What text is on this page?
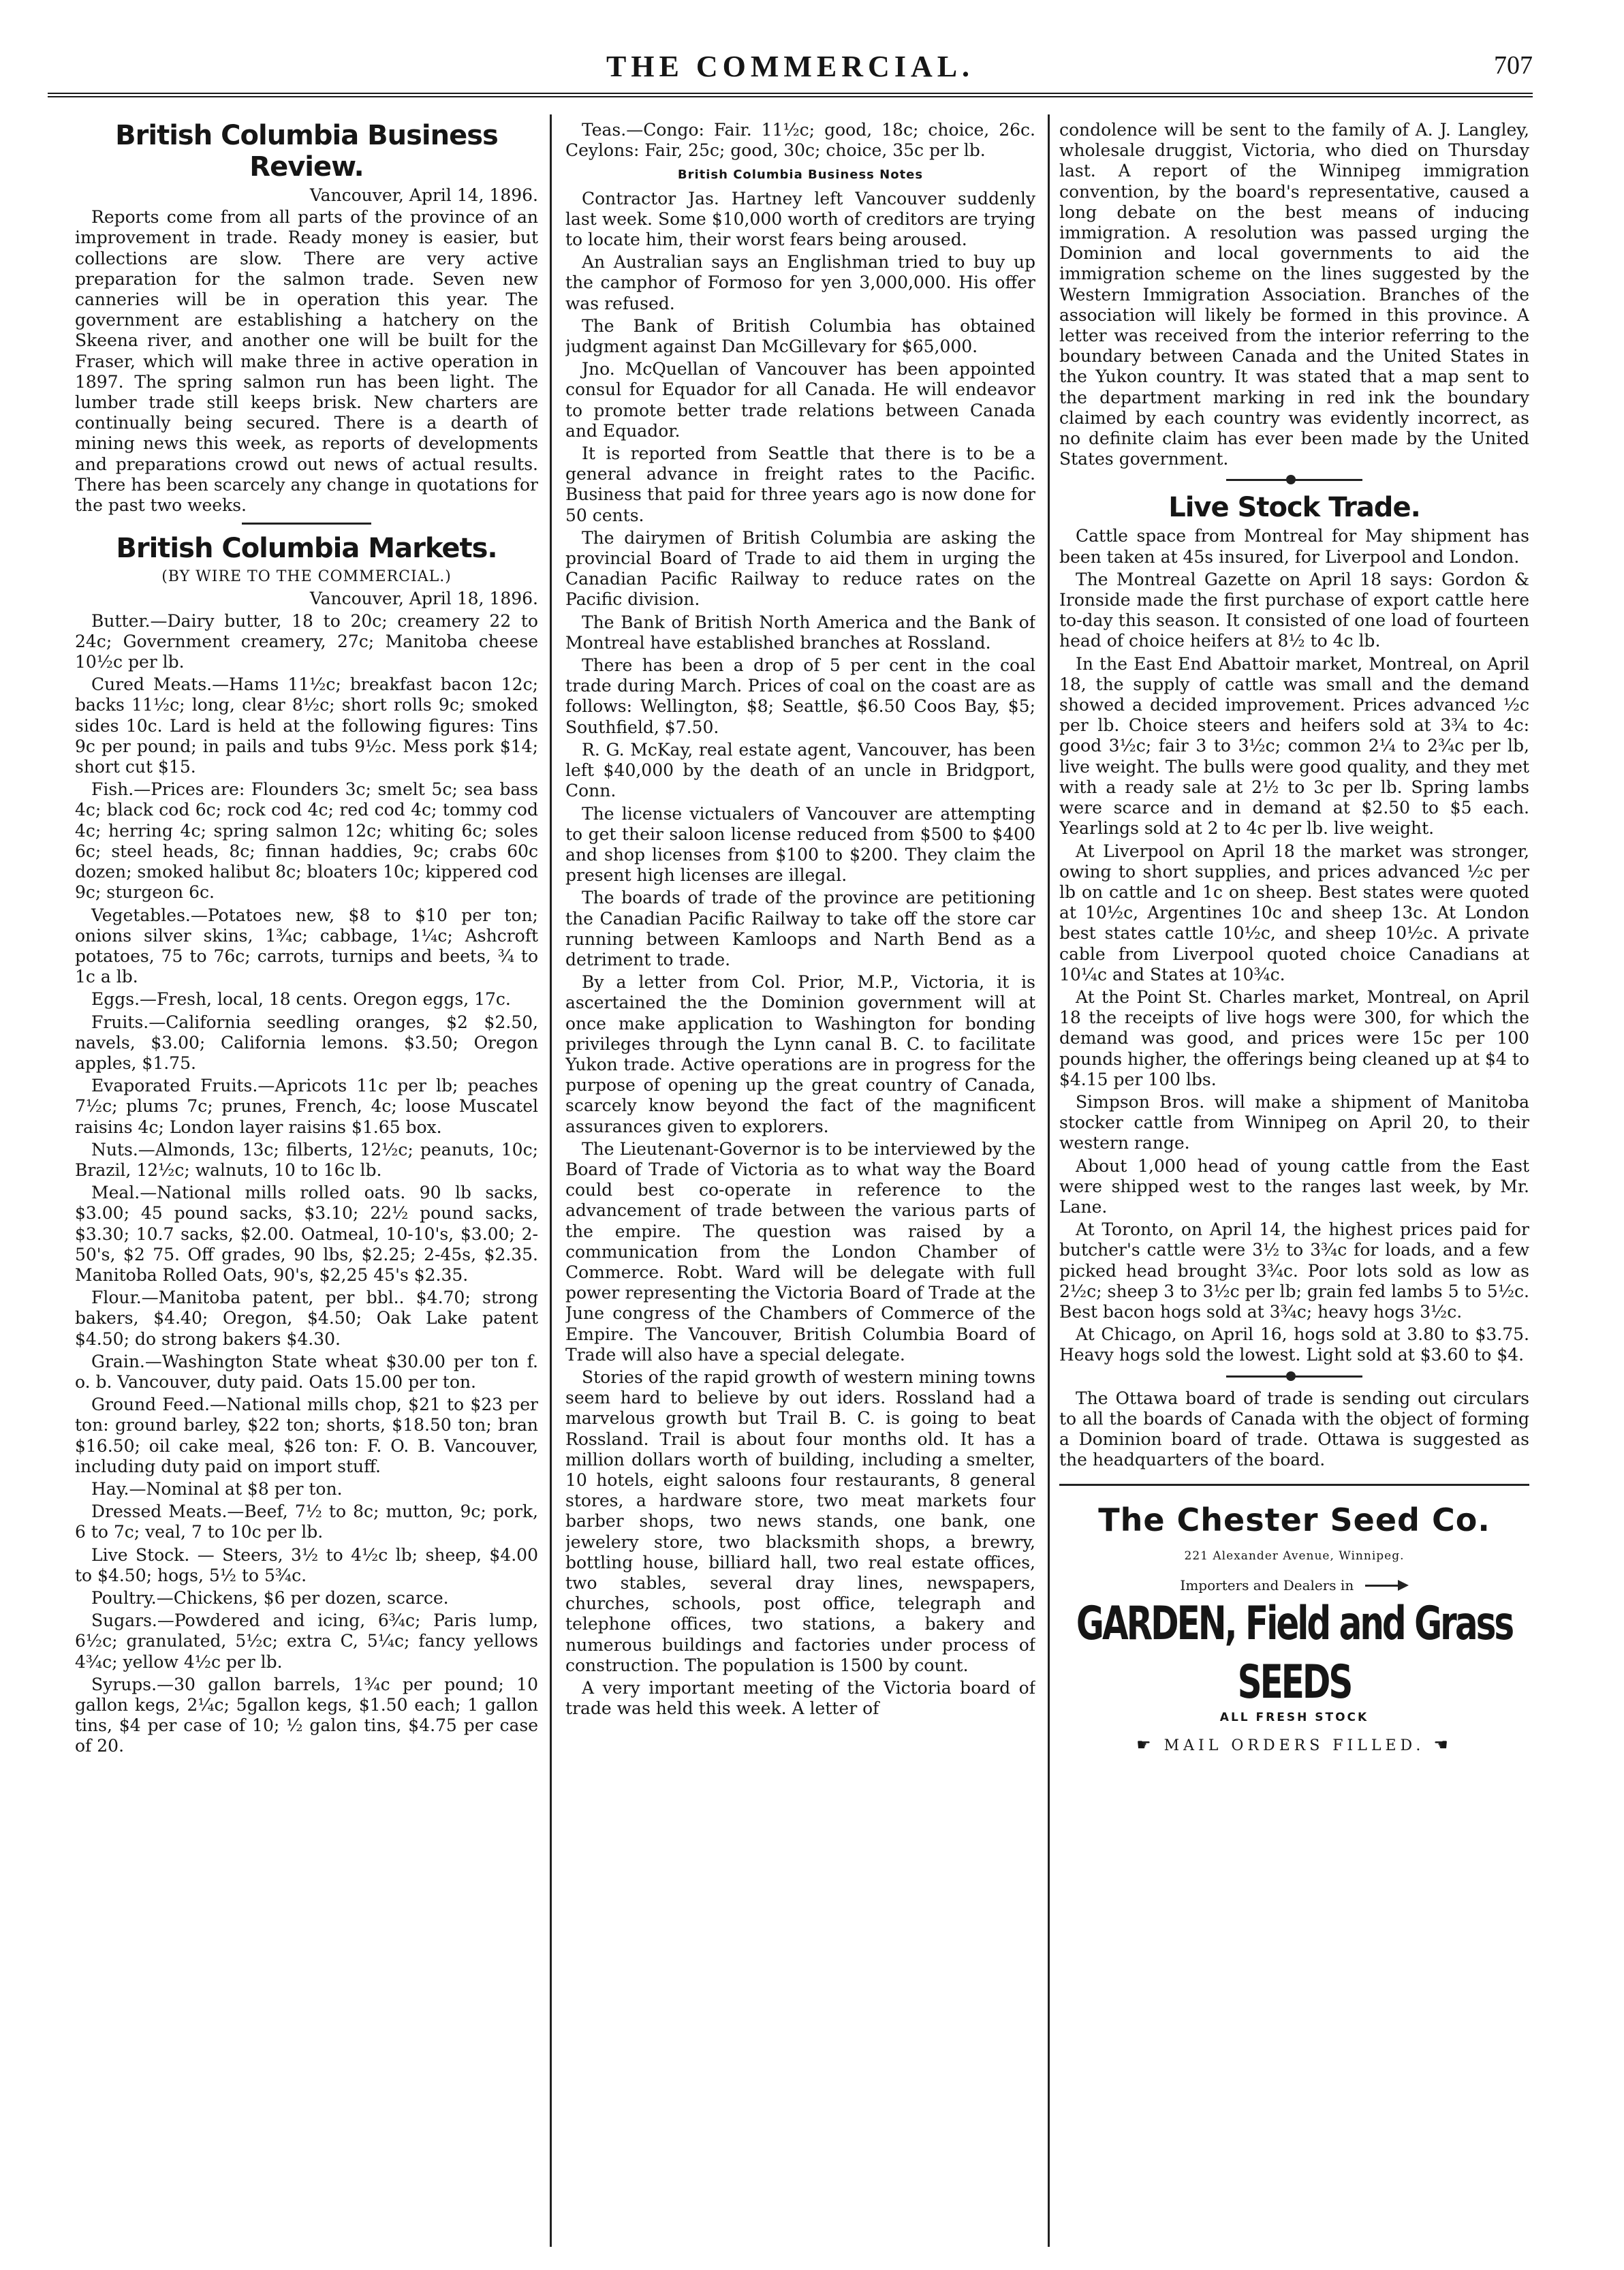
THE COMMERCIAL.	707
British Columbia Business Review.
Vancouver, April 14, 1896.

Reports come from all parts of the province of an improvement in trade. Ready money is easier, but collections are slow. There are very active preparation for the salmon trade. Seven new canneries will be in operation this year. The government are establishing a hatchery on the Skeena river, and another one will be built for the Fraser, which will make three in active operation in 1897. The spring salmon run has been light. The lumber trade still keeps brisk. New charters are continually being secured. There is a dearth of mining news this week, as reports of developments and preparations crowd out news of actual results. There has been scarcely any change in quotations for the past two weeks.

British Columbia Markets.
(BY WIRE TO THE COMMERCIAL.)
Vancouver, April 18, 1896.

Butter.—Dairy butter, 18 to 20c; creamery 22 to 24c; Government creamery, 27c; Manitoba cheese 10½c per lb.

Cured Meats.—Hams 11½c; breakfast bacon 12c; backs 11½c; long, clear 8½c; short rolls 9c; smoked sides 10c. Lard is held at the following figures: Tins 9c per pound; in pails and tubs 9½c. Mess pork $14; short cut $15.

Fish.—Prices are: Flounders 3c; smelt 5c; sea bass 4c; black cod 6c; rock cod 4c; red cod 4c; tommy cod 4c; herring 4c; spring salmon 12c; whiting 6c; soles 6c; steel heads, 8c; finnan haddies, 9c; crabs 60c dozen; smoked halibut 8c; bloaters 10c; kippered cod 9c; sturgeon 6c.

Vegetables.—Potatoes new, $8 to $10 per ton; onions silver skins, 1¾c; cabbage, 1¼c; Ashcroft potatoes, 75 to 76c; carrots, turnips and beets, ¾ to 1c a lb.

Eggs.—Fresh, local, 18 cents. Oregon eggs, 17c.

Fruits.—California seedling oranges, $2 $2.50, navels, $3.00; California lemons. $3.50; Oregon apples, $1.75.

Evaporated Fruits.—Apricots 11c per lb; peaches 7½c; plums 7c; prunes, French, 4c; loose Muscatel raisins 4c; London layer raisins $1.65 box.

Nuts.—Almonds, 13c; filberts, 12½c; peanuts, 10c; Brazil, 12½c; walnuts, 10 to 16c lb.

Meal.—National mills rolled oats. 90 lb sacks, $3.00; 45 pound sacks, $3.10; 22½ pound sacks, $3.30; 10.7 sacks, $2.00. Oatmeal, 10-10's, $3.00; 2-50's, $2 75. Off grades, 90 lbs, $2.25; 2-45s, $2.35. Manitoba Rolled Oats, 90's, $2,25 45's $2.35.

Flour.—Manitoba patent, per bbl.. $4.70; strong bakers, $4.40; Oregon, $4.50; Oak Lake patent $4.50; do strong bakers $4.30.

Grain.—Washington State wheat $30.00 per ton f. o. b. Vancouver, duty paid. Oats 15.00 per ton.

Ground Feed.—National mills chop, $21 to $23 per ton: ground barley, $22 ton; shorts, $18.50 ton; bran $16.50; oil cake meal, $26 ton: F. O. B. Vancouver, including duty paid on import stuff.

Hay.—Nominal at $8 per ton.

Dressed Meats.—Beef, 7½ to 8c; mutton, 9c; pork, 6 to 7c; veal, 7 to 10c per lb.

Live Stock. — Steers, 3½ to 4½c lb; sheep, $4.00 to $4.50; hogs, 5½ to 5¾c.

Poultry.—Chickens, $6 per dozen, scarce.

Sugars.—Powdered and icing, 6¾c; Paris lump, 6½c; granulated, 5½c; extra C, 5¼c; fancy yellows 4¾c; yellow 4½c per lb.

Syrups.—30 gallon barrels, 1¾c per pound; 10 gallon kegs, 2¼c; 5gallon kegs, $1.50 each; 1 gallon tins, $4 per case of 10; ½ galon tins, $4.75 per case of 20.

Teas.—Congo: Fair. 11½c; good, 18c; choice, 26c. Ceylons: Fair, 25c; good, 30c; choice, 35c per lb.

British Columbia Business Notes

Contractor Jas. Hartney left Vancouver suddenly last week. Some $10,000 worth of creditors are trying to locate him, their worst fears being aroused.

An Australian says an Englishman tried to buy up the camphor of Formoso for yen 3,000,000. His offer was refused.

The Bank of British Columbia has obtained judgment against Dan McGillevary for $65,000.

Jno. McQuellan of Vancouver has been appointed consul for Equador for all Canada. He will endeavor to promote better trade relations between Canada and Equador.

It is reported from Seattle that there is to be a general advance in freight rates to the Pacific. Business that paid for three years ago is now done for 50 cents.

The dairymen of British Columbia are asking the provincial Board of Trade to aid them in urging the Canadian Pacific Railway to reduce rates on the Pacific division.

The Bank of British North America and the Bank of Montreal have established branches at Rossland.

There has been a drop of 5 per cent in the coal trade during March. Prices of coal on the coast are as follows: Wellington, $8; Seattle, $6.50 Coos Bay, $5; Southfield, $7.50.

R. G. McKay, real estate agent, Vancouver, has been left $40,000 by the death of an uncle in Bridgport, Conn.

The license victualers of Vancouver are attempting to get their saloon license reduced from $500 to $400 and shop licenses from $100 to $200. They claim the present high licenses are illegal.

The boards of trade of the province are petitioning the Canadian Pacific Railway to take off the store car running between Kamloops and Narth Bend as a detriment to trade.

By a letter from Col. Prior, M.P., Victoria, it is ascertained the the Dominion government will at once make application to Washington for bonding privileges through the Lynn canal B. C. to facilitate Yukon trade. Active operations are in progress for the purpose of opening up the great country of Canada, scarcely know beyond the fact of the magnificent assurances given to explorers.

The Lieutenant-Governor is to be interviewed by the Board of Trade of Victoria as to what way the Board could best co-operate in reference to the advancement of trade between the various parts of the empire. The question was raised by a communication from the London Chamber of Commerce. Robt. Ward will be delegate with full power representing the Victoria Board of Trade at the June congress of the Chambers of Commerce of the Empire. The Vancouver, British Columbia Board of Trade will also have a special delegate.

Stories of the rapid growth of western mining towns seem hard to believe by out iders. Rossland had a marvelous growth but Trail B. C. is going to beat Rossland. Trail is about four months old. It has a million dollars worth of building, including a smelter, 10 hotels, eight saloons four restaurants, 8 general stores, a hardware store, two meat markets four barber shops, two news stands, one bank, one jewelery store, two blacksmith shops, a brewry, bottling house, billiard hall, two real estate offices, two stables, several dray lines, newspapers, churches, schools, post office, telegraph and telephone offices, two stations, a bakery and numerous buildings and factories under process of construction. The population is 1500 by count.

A very important meeting of the Victoria board of trade was held this week. A letter of

condolence will be sent to the family of A. J. Langley, wholesale druggist, Victoria, who died on Thursday last. A report of the Winnipeg immigration convention, by the board's representative, caused a long debate on the best means of inducing immigration. A resolution was passed urging the Dominion and local governments to aid the immigration scheme on the lines suggested by the Western Immigration Association. Branches of the association will likely be formed in this province. A letter was received from the interior referring to the boundary between Canada and the United States in the Yukon country. It was stated that a map sent to the department marking in red ink the boundary claimed by each country was evidently incorrect, as no definite claim has ever been made by the United States government.

Live Stock Trade.

Cattle space from Montreal for May shipment has been taken at 45s insured, for Liverpool and London.

The Montreal Gazette on April 18 says: Gordon & Ironside made the first purchase of export cattle here to-day this season. It consisted of one load of fourteen head of choice heifers at 8½ to 4c lb.

In the East End Abattoir market, Montreal, on April 18, the supply of cattle was small and the demand showed a decided improvement. Prices advanced ½c per lb. Choice steers and heifers sold at 3¾ to 4c: good 3½c; fair 3 to 3½c; common 2¼ to 2¾c per lb, live weight. The bulls were good quality, and they met with a ready sale at 2½ to 3c per lb. Spring lambs were scarce and in demand at $2.50 to $5 each. Yearlings sold at 2 to 4c per lb. live weight.

At Liverpool on April 18 the market was stronger, owing to short supplies, and prices advanced ½c per lb on cattle and 1c on sheep. Best states were quoted at 10½c, Argentines 10c and sheep 13c. At London best states cattle 10½c, and sheep 10½c. A private cable from Liverpool quoted choice Canadians at 10¼c and States at 10¾c.

At the Point St. Charles market, Montreal, on April 18 the receipts of live hogs were 300, for which the demand was good, and prices were 15c per 100 pounds higher, the offerings being cleaned up at $4 to $4.15 per 100 lbs.

Simpson Bros. will make a shipment of Manitoba stocker cattle from Winnipeg on April 20, to their western range.

About 1,000 head of young cattle from the East were shipped west to the ranges last week, by Mr. Lane.

At Toronto, on April 14, the highest prices paid for butcher's cattle were 3½ to 3¾c for loads, and a few picked head brought 3¾c. Poor lots sold as low as 2½c; sheep 3 to 3½c per lb; grain fed lambs 5 to 5½c. Best bacon hogs sold at 3¾c; heavy hogs 3½c.

At Chicago, on April 16, hogs sold at 3.80 to $3.75. Heavy hogs sold the lowest. Light sold at $3.60 to $4.

The Ottawa board of trade is sending out circulars to all the boards of Canada with the object of forming a Dominion board of trade. Ottawa is suggested as the headquarters of the board.

The Chester Seed Co.
221 Alexander Avenue, Winnipeg.
Importers and Dealers in
GARDEN, Field and Grass SEEDS
ALL FRESH STOCK
☛ MAIL ORDERS FILLED. ☚
